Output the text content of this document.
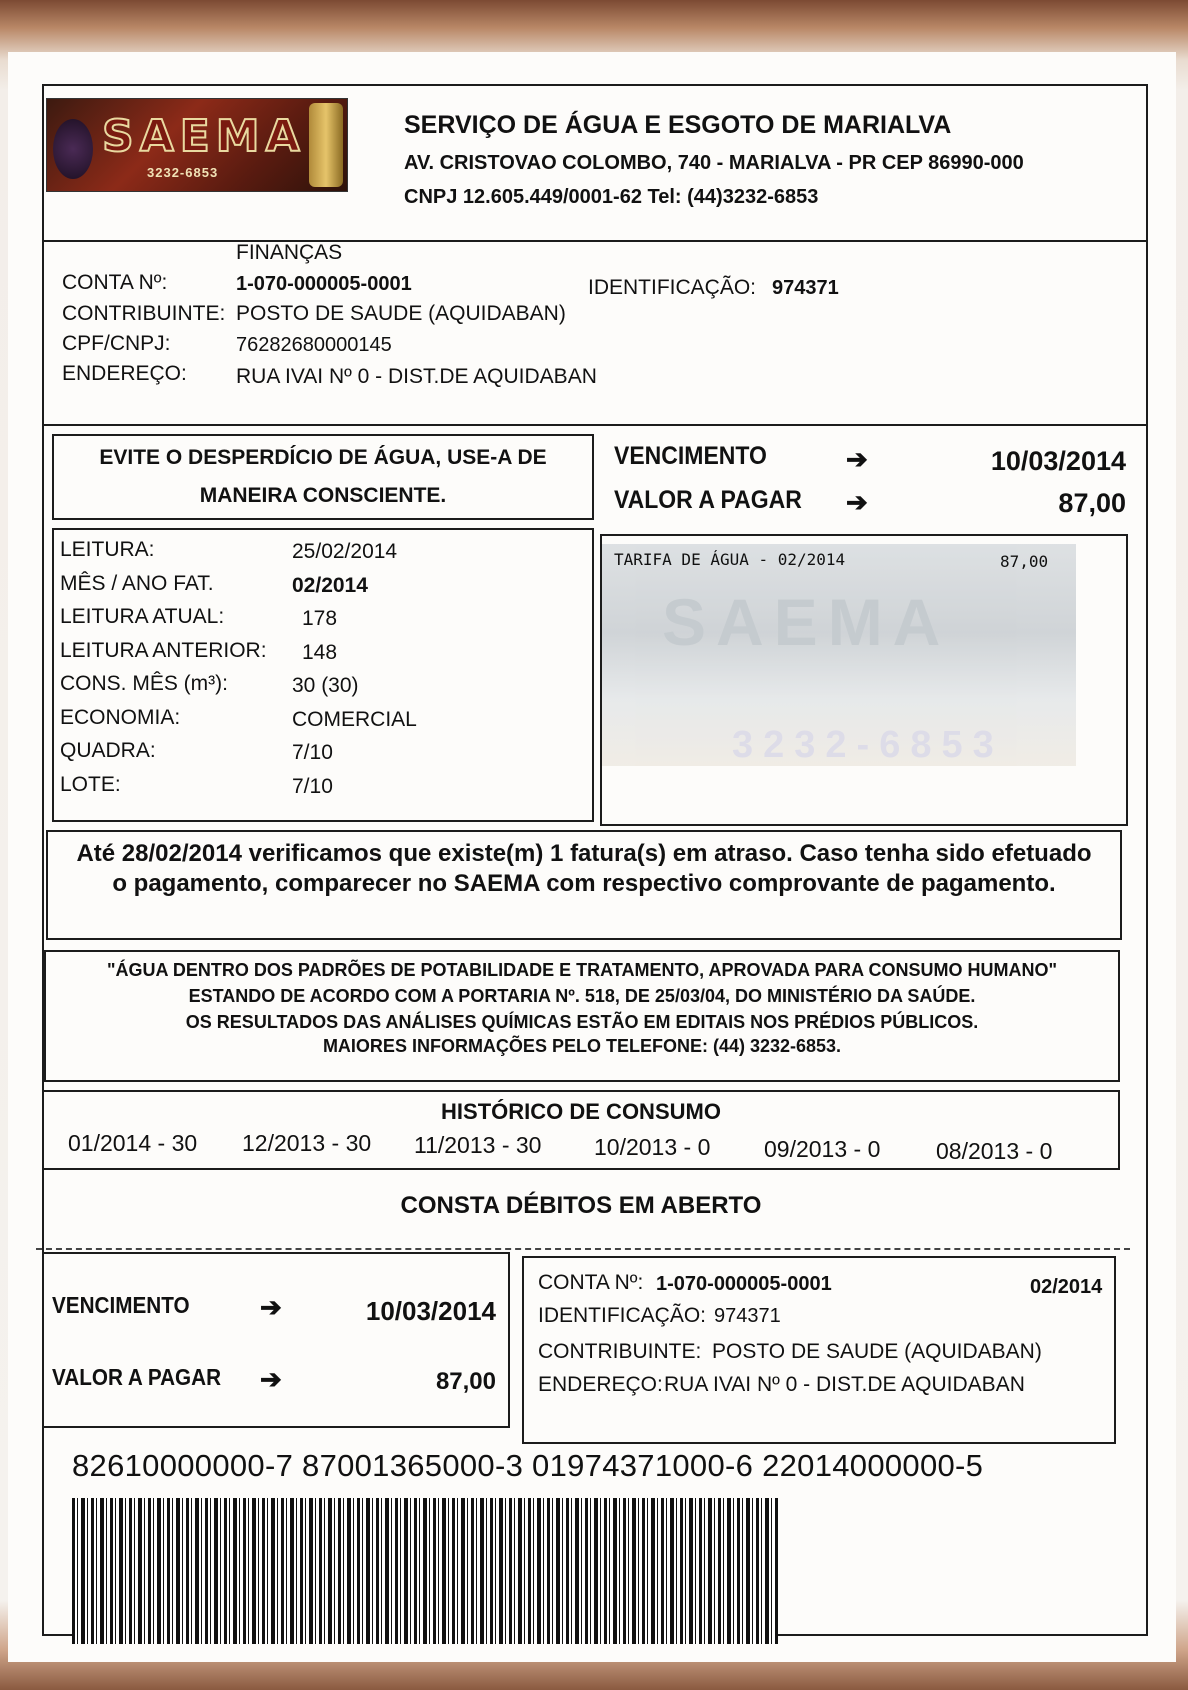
SAEMA
3232-6853
SERVIÇO DE ÁGUA E ESGOTO DE MARIALVA
AV. CRISTOVAO COLOMBO, 740 - MARIALVA - PR CEP 86990-000
CNPJ 12.605.449/0001-62 Tel: (44)3232-6853
FINANÇAS
CONTA Nº:	1-070-000005-0001	IDENTIFICAÇÃO: 974371
CONTRIBUINTE: POSTO DE SAUDE (AQUIDABAN)
CPF/CNPJ:	76282680000145
ENDEREÇO: RUA IVAI Nº 0 - DIST.DE AQUIDABAN
EVITE O DESPERDÍCIO DE ÁGUA, USE-A DE
MANEIRA CONSCIENTE.
VENCIMENTO	➔	10/03/2014
VALOR A PAGAR ➔	87,00
LEITURA:	25/02/2014
MÊS / ANO FAT.	02/2014
LEITURA ATUAL:	178
LEITURA ANTERIOR: 148
CONS. MÊS (m³):	30 (30)
ECONOMIA:	COMERCIAL
QUADRA:	7/10
LOTE:	7/10
SAEMA
3232-6853
TARIFA DE ÁGUA - 02/2014	87,00
Até 28/02/2014 verificamos que existe(m) 1 fatura(s) em atraso. Caso tenha sido efetuado
o pagamento, comparecer no SAEMA com respectivo comprovante de pagamento.
"ÁGUA DENTRO DOS PADRÕES DE POTABILIDADE E TRATAMENTO, APROVADA PARA CONSUMO HUMANO"
ESTANDO DE ACORDO COM A PORTARIA Nº. 518, DE 25/03/04, DO MINISTÉRIO DA SAÚDE.
OS RESULTADOS DAS ANÁLISES QUÍMICAS ESTÃO EM EDITAIS NOS PRÉDIOS PÚBLICOS.
MAIORES INFORMAÇÕES PELO TELEFONE: (44) 3232-6853.
HISTÓRICO DE CONSUMO
01/2014 - 30 12/2013 - 30 11/2013 - 30 10/2013 - 0 09/2013 - 0 08/2013 - 0
CONSTA DÉBITOS EM ABERTO
VENCIMENTO	➔	10/03/2014
VALOR A PAGAR ➔	87,00
CONTA Nº: 1-070-000005-0001	02/2014
IDENTIFICAÇÃO: 974371
CONTRIBUINTE: POSTO DE SAUDE (AQUIDABAN)
ENDEREÇO: RUA IVAI Nº 0 - DIST.DE AQUIDABAN
82610000000-7 87001365000-3 01974371000-6 22014000000-5
